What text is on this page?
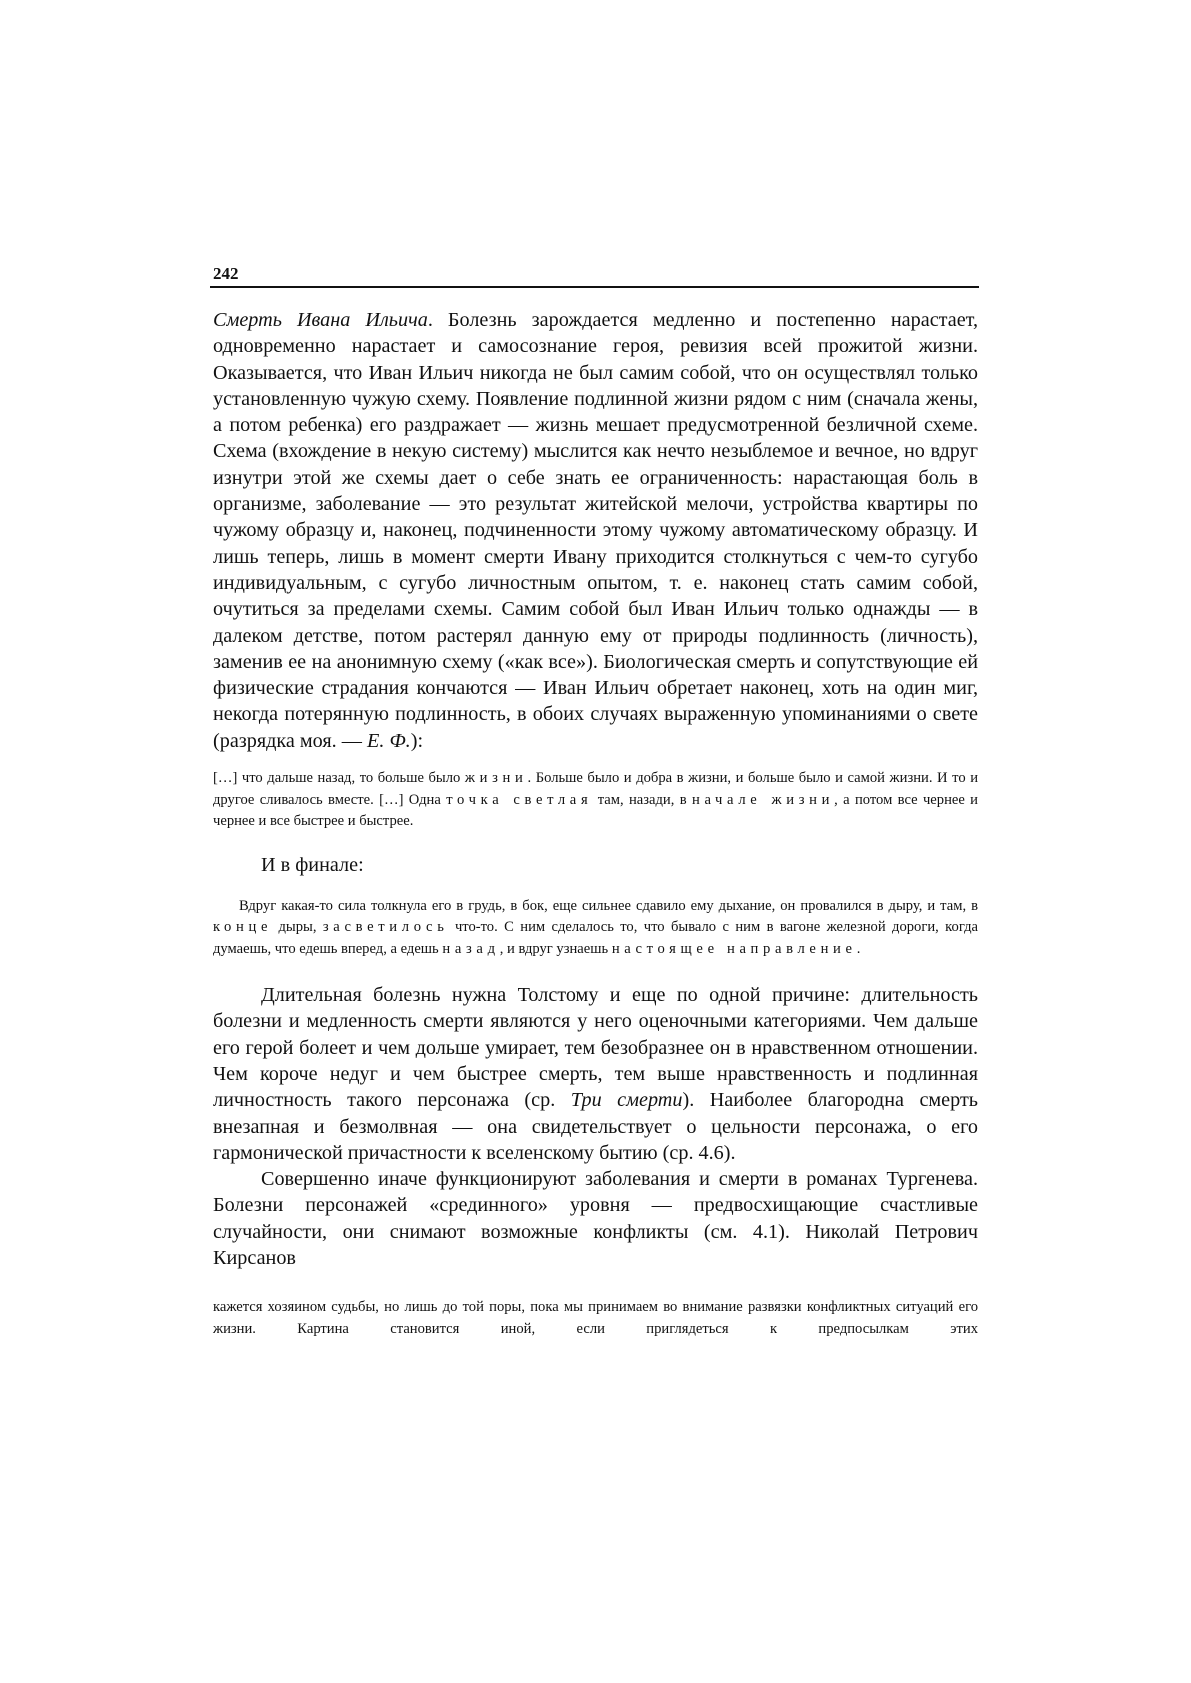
242

Смерть Ивана Ильича. Болезнь зарождается медленно и постепенно нарастает, одновременно нарастает и самосознание героя, ревизия всей прожитой жизни. Оказывается, что Иван Ильич никогда не был самим собой, что он осуществлял только установленную чужую схему. Появление подлинной жизни рядом с ним (сначала жены, а потом ребенка) его раздражает — жизнь мешает предусмотренной безличной схеме. Схема (вхождение в некую систему) мыслится как нечто незыблемое и вечное, но вдруг изнутри этой же схемы дает о себе знать ее ограниченность: нарастающая боль в организме, заболевание — это результат житейской мелочи, устройства квартиры по чужому образцу и, наконец, подчиненности этому чужому автоматическому образцу. И лишь теперь, лишь в момент смерти Ивану приходится столкнуться с чем-то сугубо индивидуальным, с сугубо личностным опытом, т. е. наконец стать самим собой, очутиться за пределами схемы. Самим собой был Иван Ильич только однажды — в далеком детстве, потом растерял данную ему от природы подлинность (личность), заменив ее на анонимную схему («как все»). Биологическая смерть и сопутствующие ей физические страдания кончаются — Иван Ильич обретает наконец, хоть на один миг, некогда потерянную подлинность, в обоих случаях выраженную упоминаниями о свете (разрядка моя. — Е. Ф.):

[…] что дальше назад, то больше было жизни. Больше было и добра в жизни, и больше было и самой жизни. И то и другое сливалось вместе. […] Одна точка светлая там, назади, в начале жизни, а потом все чернее и чернее и все быстрее и быстрее.

И в финале:

Вдруг какая-то сила толкнула его в грудь, в бок, еще сильнее сдавило ему дыхание, он провалился в дыру, и там, в конце дыры, засветилось что-то. С ним сделалось то, что бывало с ним в вагоне железной дороги, когда думаешь, что едешь вперед, а едешь назад, и вдруг узнаешь настоящее направление.

Длительная болезнь нужна Толстому и еще по одной причине: длительность болезни и медленность смерти являются у него оценочными категориями. Чем дальше его герой болеет и чем дольше умирает, тем безобразнее он в нравственном отношении. Чем короче недуг и чем быстрее смерть, тем выше нравственность и подлинная личностность такого персонажа (ср. Три смерти). Наиболее благородна смерть внезапная и безмолвная — она свидетельствует о цельности персонажа, о его гармонической причастности к вселенскому бытию (ср. 4.6).

Совершенно иначе функционируют заболевания и смерти в романах Тургенева. Болезни персонажей «срединного» уровня — предвосхищающие счастливые случайности, они снимают возможные конфликты (см. 4.1). Николай Петрович Кирсанов

кажется хозяином судьбы, но лишь до той поры, пока мы принимаем во внимание развязки конфликтных ситуаций его жизни. Картина становится иной, если приглядеться к предпосылкам этих
